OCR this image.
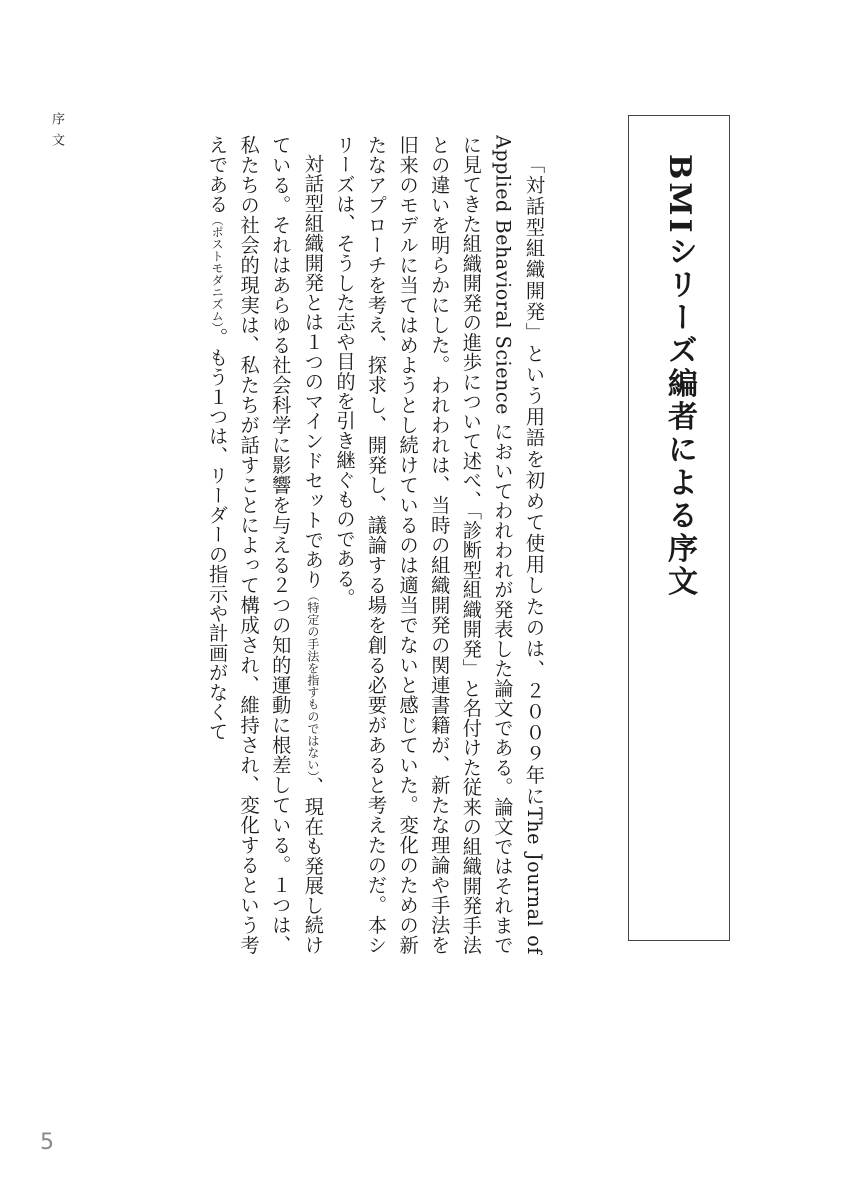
序文
BMIシリーズ編者による序文

「対話型組織開発」という用語を初めて使用したのは、２００９年にThe Journal of Applied Behavioral Science においてわれわれが発表した論文である。論文ではそれまでに見てきた組織開発の進歩について述べ、「診断型組織開発」と名付けた従来の組織開発手法との違いを明らかにした。われわれは、当時の組織開発の関連書籍が、新たな理論や手法を旧来のモデルに当てはめようとし続けているのは適当でないと感じていた。変化のための新たなアプローチを考え、探求し、開発し、議論する場を創る必要があると考えたのだ。本シリーズは、そうした志や目的を引き継ぐものである。

対話型組織開発とは１つのマインドセットであり（特定の手法を指すものではない）、現在も発展し続けている。それはあらゆる社会科学に影響を与える２つの知的運動に根差している。１つは、私たちの社会的現実は、私たちが話すことによって構成され、維持され、変化するという考えである（ポストモダニズム）。もう１つは、リーダーの指示や計画がなくて

5
